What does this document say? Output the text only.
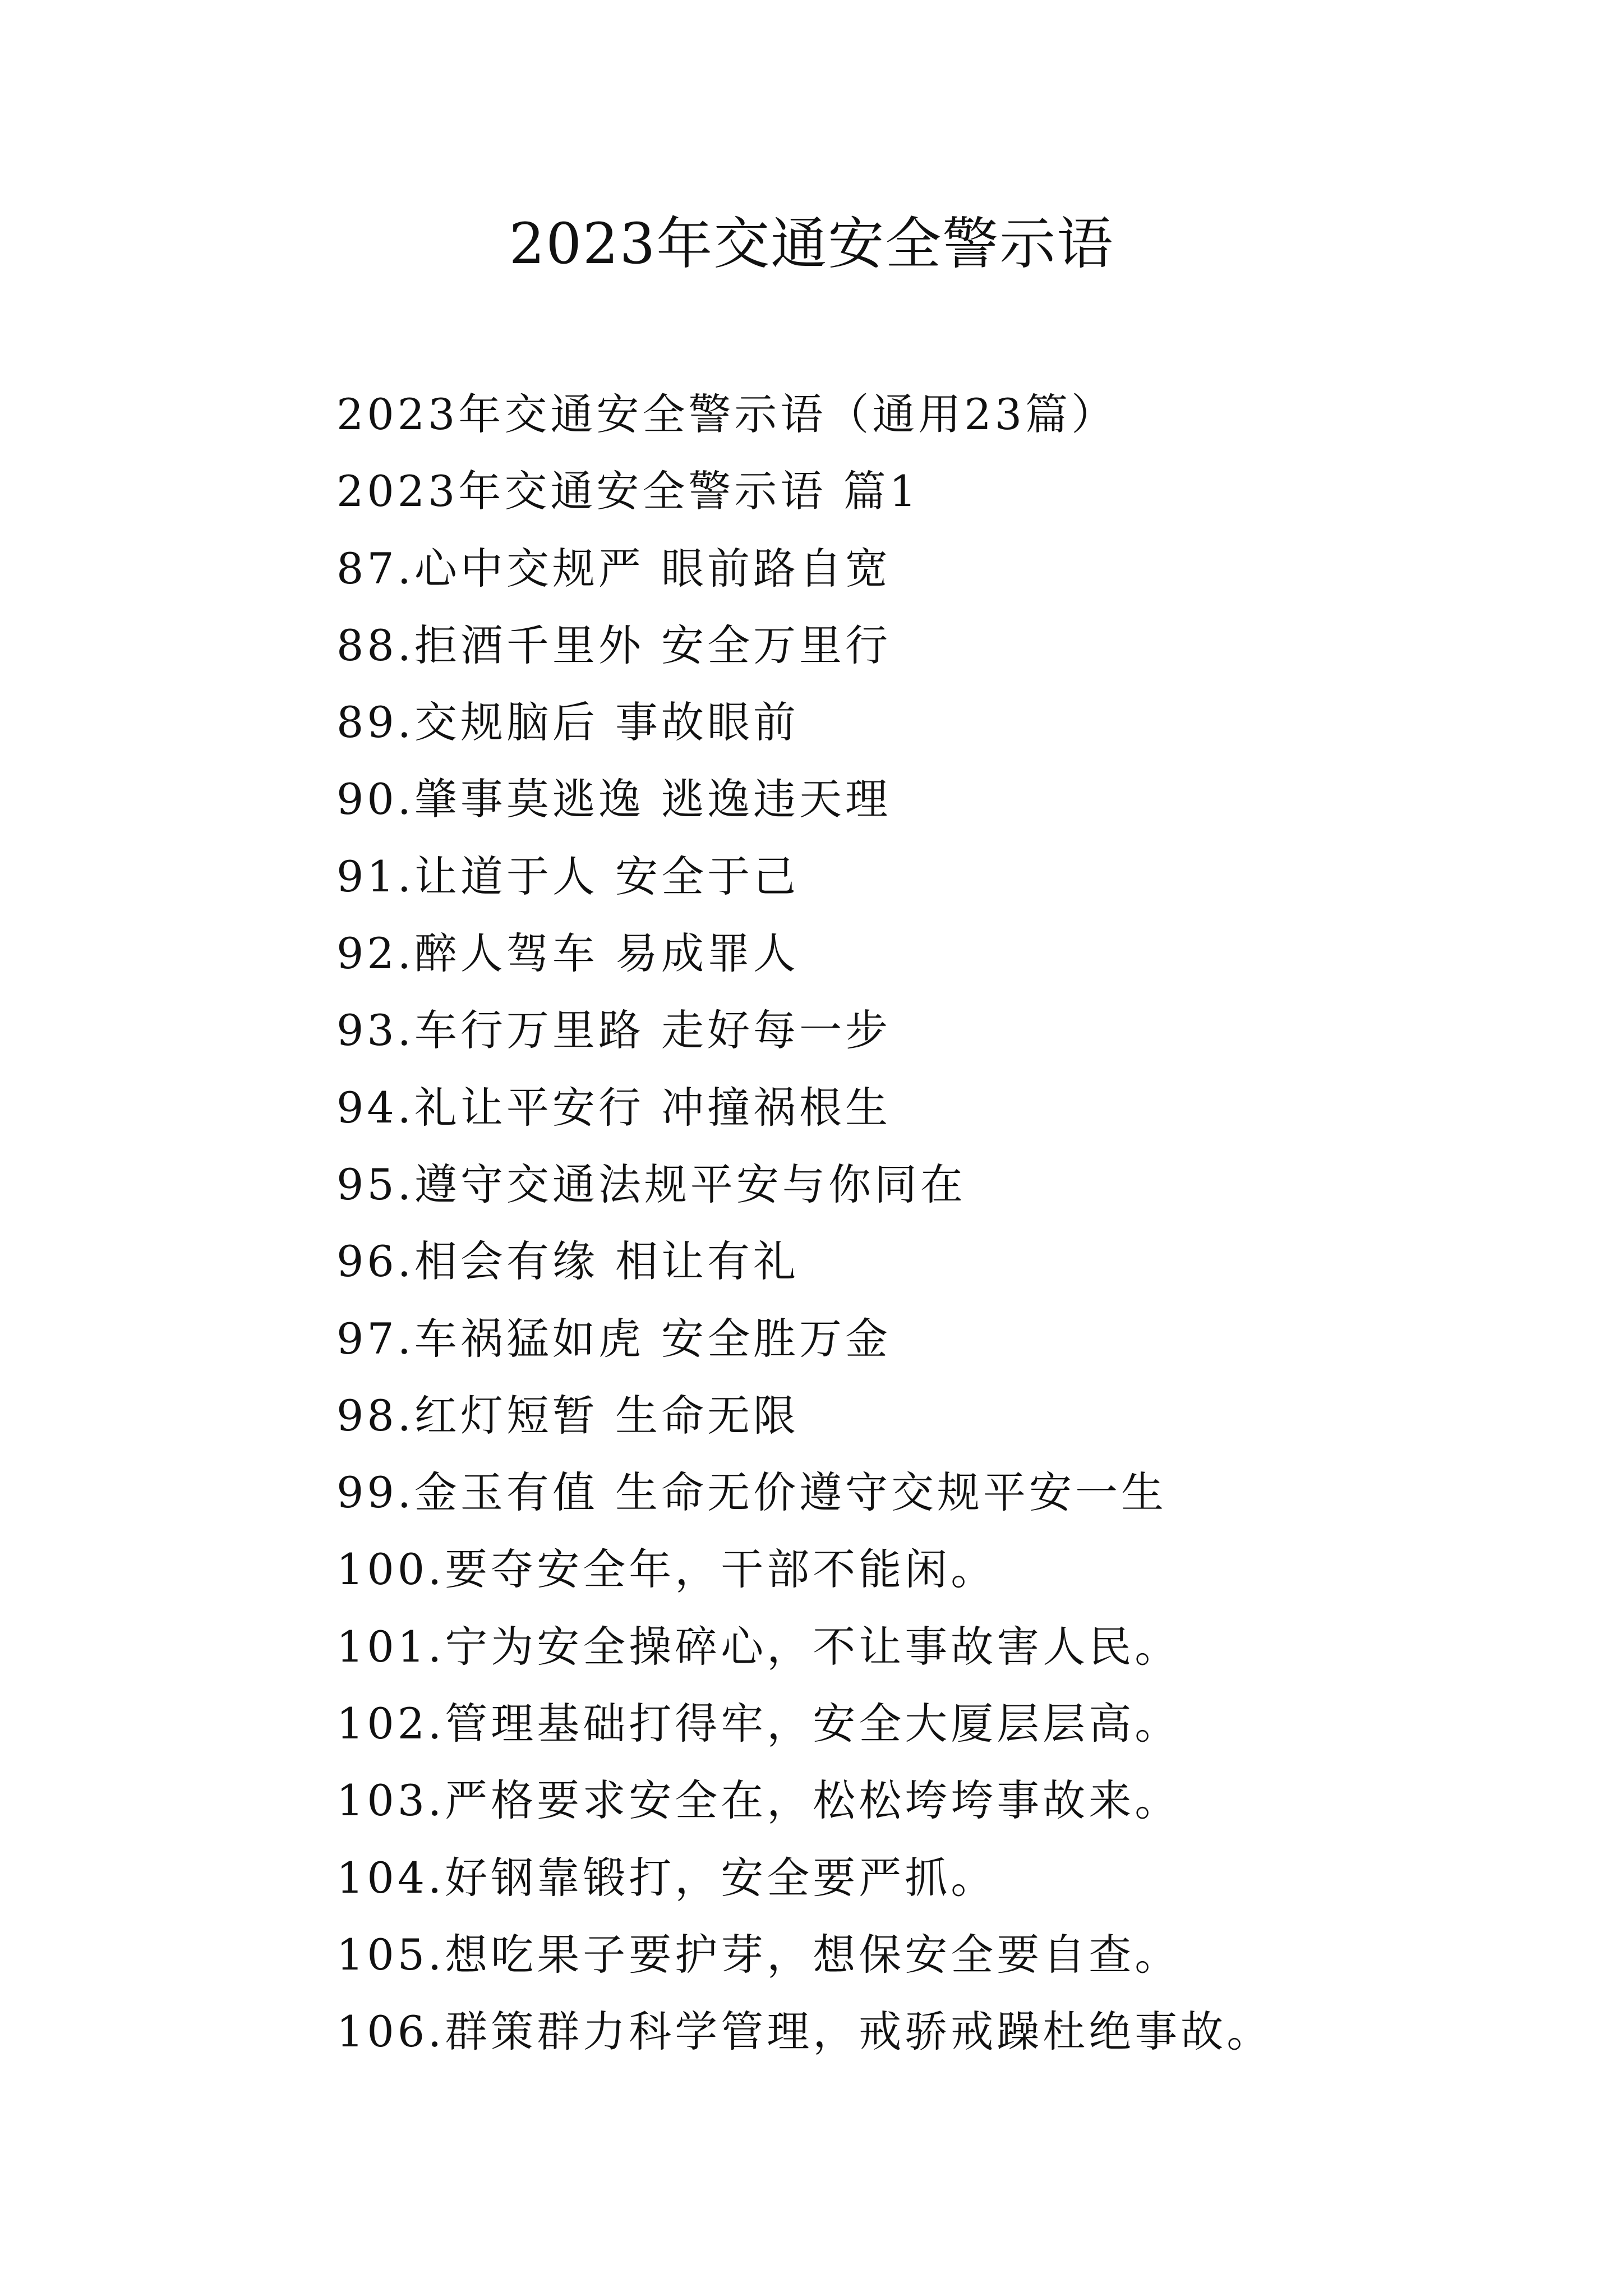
2023年交通安全警示语
2023年交通安全警示语（通用23篇）
2023年交通安全警示语 篇1
87.心中交规严 眼前路自宽
88.拒酒千里外 安全万里行
89.交规脑后 事故眼前
90.肇事莫逃逸 逃逸违天理
91.让道于人 安全于己
92.醉人驾车 易成罪人
93.车行万里路 走好每一步
94.礼让平安行 冲撞祸根生
95.遵守交通法规平安与你同在
96.相会有缘 相让有礼
97.车祸猛如虎 安全胜万金
98.红灯短暂 生命无限
99.金玉有值 生命无价遵守交规平安一生
100.要夺安全年，干部不能闲。
101.宁为安全操碎心，不让事故害人民。
102.管理基础打得牢，安全大厦层层高。
103.严格要求安全在，松松垮垮事故来。
104.好钢靠锻打，安全要严抓。
105.想吃果子要护芽，想保安全要自查。
106.群策群力科学管理，戒骄戒躁杜绝事故。
